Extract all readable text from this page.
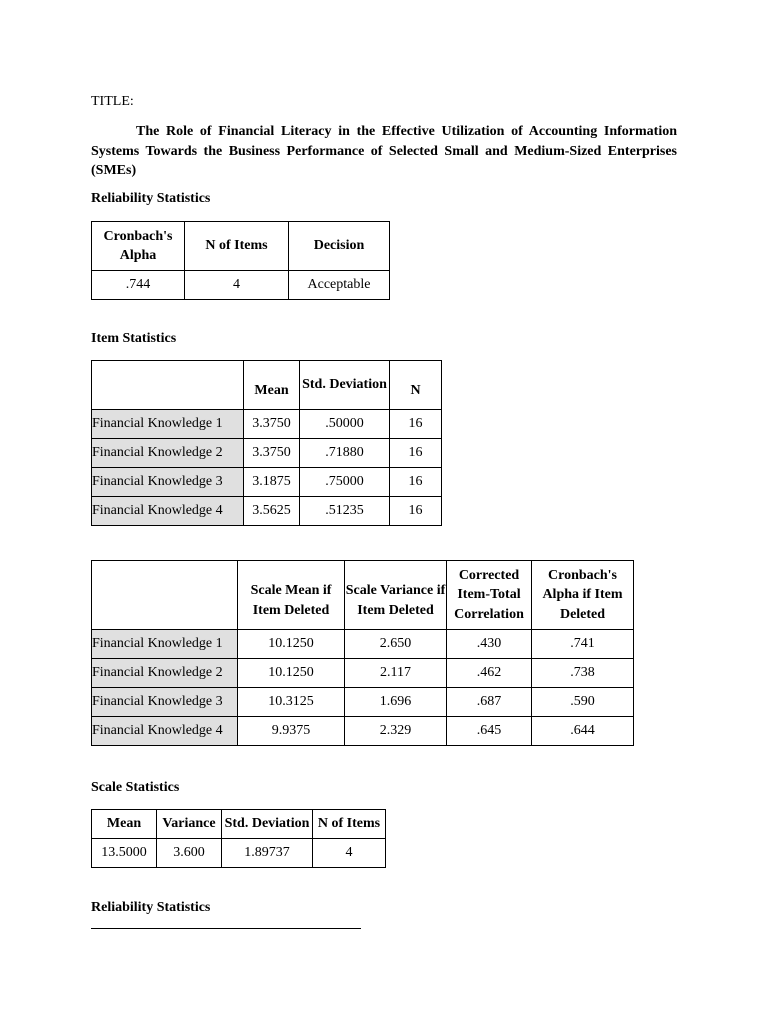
TITLE:
The Role of Financial Literacy in the Effective Utilization of Accounting Information Systems Towards the Business Performance of Selected Small and Medium-Sized Enterprises (SMEs)
Reliability Statistics
Cronbach's Alpha	N of Items	Decision
.744	4	Acceptable
Item Statistics
	Mean	Std. Deviation	N
Financial Knowledge 1	3.3750	.50000	16
Financial Knowledge 2	3.3750	.71880	16
Financial Knowledge 3	3.1875	.75000	16
Financial Knowledge 4	3.5625	.51235	16
	Scale Mean if Item Deleted	Scale Variance if Item Deleted	Corrected Item-Total Correlation	Cronbach's Alpha if Item Deleted
Financial Knowledge 1	10.1250	2.650	.430	.741
Financial Knowledge 2	10.1250	2.117	.462	.738
Financial Knowledge 3	10.3125	1.696	.687	.590
Financial Knowledge 4	9.9375	2.329	.645	.644
Scale Statistics
Mean	Variance	Std. Deviation	N of Items
13.5000	3.600	1.89737	4
Reliability Statistics
